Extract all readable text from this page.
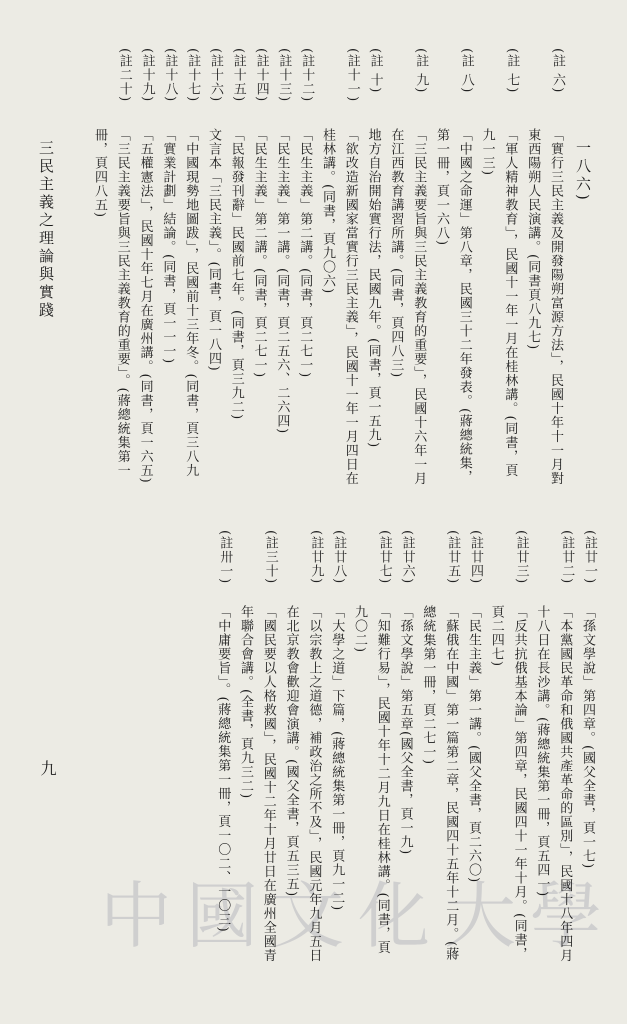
一八六)
三民主義之理論與實踐
九
中國文化大學
(註 六)
「實行三民主義及開發陽朔富源方法」，民國十年十一月對
東西陽朔人民演講。(同書頁八九七)
(註 七)
「軍人精神教育」，民國十一年一月在桂林講。(同書，頁
九一三)
(註 八)
「中國之命運」第八章，民國三十二年發表。(蔣總統集，
第一冊，頁一六八)
(註 九)
「三民主義要旨與三民主義教育的重要」，民國十六年一月
在江西教育講習所講。(同書，頁四八三)
(註 十)
地方自治開始實行法，民國九年。(同書，頁一五九)
(註十一)
「欲改造新國家當實行三民主義」，民國十一年一月四日在
桂林講。(同書，頁九〇六)
(註十二)
「民生主義」第二講。(同書，頁二七一)
(註十三)
「民生主義」第一講。(同書，頁二五六、二六四)
(註十四)
「民生主義」第二講。(同書，頁二七一)
(註十五)
「民報發刊辭」民國前七年。(同書，頁三九二)
(註十六)
文言本「三民主義」。(同書，頁一八四)
(註十七)
「中國現勢地圖跋」，民國前十三年冬。(同書，頁三八九
(註十八)
「實業計劃」結論。(同書，頁一一一)
(註十九)
「五權憲法」，民國十年七月在廣州講。(同書，頁一六五)
(註二十)
「三民主義要旨與三民主義教育的重要」。(蔣總統集第一
冊，頁四八五)
(註廿一)
「孫文學說」第四章。(國父全書，頁一七)
(註廿二)
「本黨國民革命和俄國共產革命的區別」，民國十八年四月
十八日在長沙講。(蔣總統集第一冊，頁五四一)
(註廿三)
「反共抗俄基本論」第四章，民國四十一年十月。(同書，
頁二四七)
(註廿四)
「民生主義」第一講。(國父全書，頁二六〇)
(註廿五)
「蘇俄在中國」第一篇第二章，民國四十五年十二月。(蔣
總統集第一冊，頁二七一)
(註廿六)
「孫文學說」第五章(國父全書，頁一九)
(註廿七)
「知難行易」，民國十年十二月九日在桂林講。(同書，頁
九〇二)
(註廿八)
「大學之道」下篇，(蔣總統集第一冊，頁九一二)
(註廿九)
「以宗教上之道德，補政治之所不及」，民國元年九月五日
在北京教會歡迎會演講。(國父全書，頁五三五)
(註三十)
「國民要以人格救國」，民國十二年十月廿日在廣州全國青
年聯合會講。(全書，頁九三二)
(註卅一)
「中庸要旨」。(蔣總統集第一冊，頁一〇二、一〇三)
